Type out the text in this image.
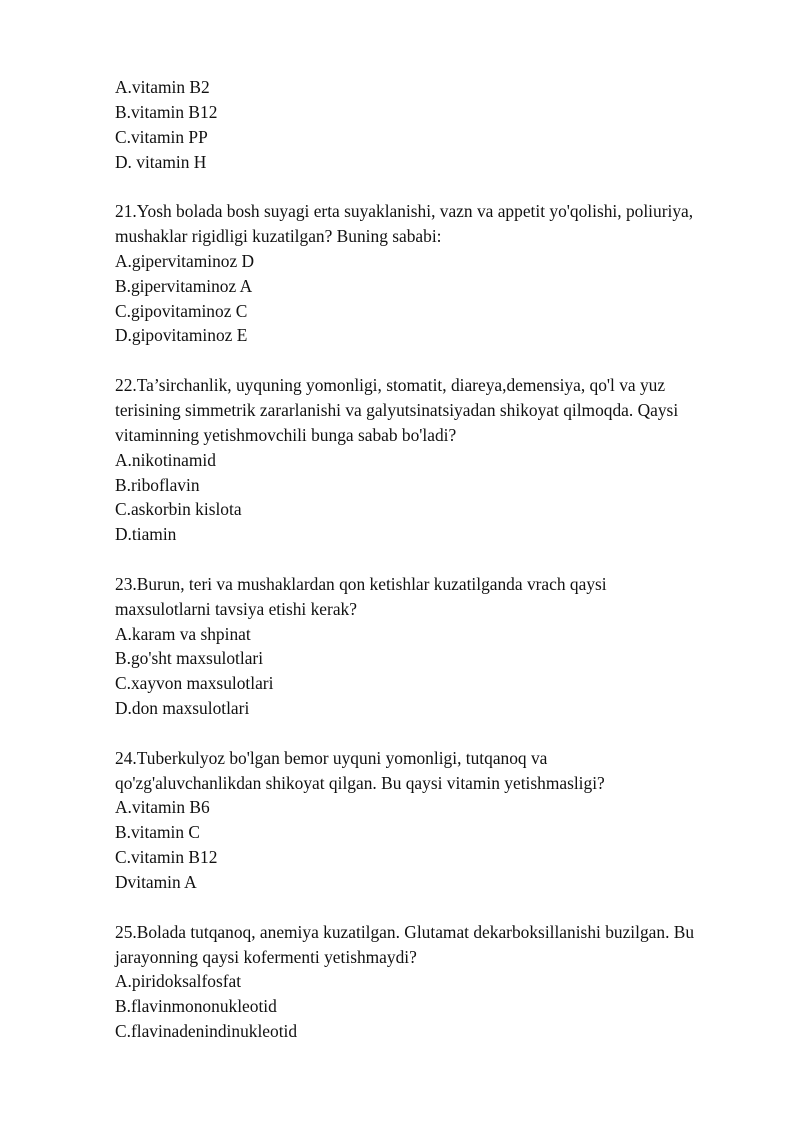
A.vitamin B2
B.vitamin B12
C.vitamin PP
D. vitamin H
21.Yosh bolada bosh suyagi erta suyaklanishi, vazn va appetit yo'qolishi, poliuriya,
mushaklar rigidligi kuzatilgan? Buning sababi:
A.gipervitaminoz D
B.gipervitaminoz A
C.gipovitaminoz C
D.gipovitaminoz E
22.Ta’sirchanlik, uyquning yomonligi, stomatit, diareya,demensiya, qo'l va yuz
terisining simmetrik zararlanishi va galyutsinatsiyadan shikoyat qilmoqda. Qaysi
vitaminning yetishmovchili bunga sabab bo'ladi?
A.nikotinamid
B.riboflavin
C.askorbin kislota
D.tiamin
23.Burun, teri va mushaklardan qon ketishlar kuzatilganda vrach qaysi
maxsulotlarni tavsiya etishi kerak?
A.karam va shpinat
B.go'sht maxsulotlari
C.xayvon maxsulotlari
D.don maxsulotlari
24.Tuberkulyoz bo'lgan bemor uyquni yomonligi, tutqanoq va
qo'zg'aluvchanlikdan shikoyat qilgan. Bu qaysi vitamin yetishmasligi?
A.vitamin B6
B.vitamin C
C.vitamin B12
Dvitamin A
25.Bolada tutqanoq, anemiya kuzatilgan. Glutamat dekarboksillanishi buzilgan. Bu
jarayonning qaysi kofermenti yetishmaydi?
A.piridoksalfosfat
B.flavinmononukleotid
C.flavinadenindinukleotid
